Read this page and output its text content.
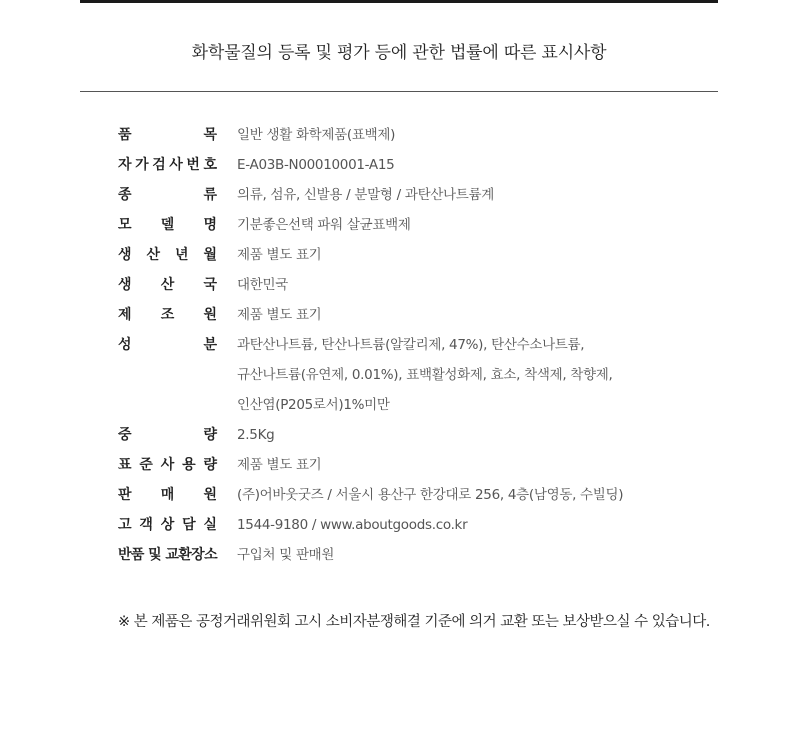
화학물질의 등록 및 평가 등에 관한 법률에 따른 표시사항
품	목 일반 생활 화학제품(표백제)
자 가 검 사 번 호 E-A03B-N00010001-A15
종	류 의류, 섬유, 신발용 / 분말형 / 과탄산나트륨계
모 델 명 기분좋은선택 파워 살균표백제
생 산 년 월 제품 별도 표기
생 산 국 대한민국
제 조 원 제품 별도 표기
성	분 과탄산나트륨, 탄산나트륨(알칼리제, 47%), 탄산수소나트륨,
규산나트륨(유연제, 0.01%), 표백활성화제, 효소, 착색제, 착향제,
인산염(P205로서)1%미만
중	량 2.5Kg
표 준 사 용 량 제품 별도 표기
판 매 원 (주)어바웃굿즈 / 서울시 용산구 한강대로 256, 4층(남영동, 수빌딩)
고 객 상 담 실 1544-9180 / www.aboutgoods.co.kr
반품 및 교환장소 구입처 및 판매원
※ 본 제품은 공정거래위원회 고시 소비자분쟁해결 기준에 의거 교환 또는 보상받으실 수 있습니다.
